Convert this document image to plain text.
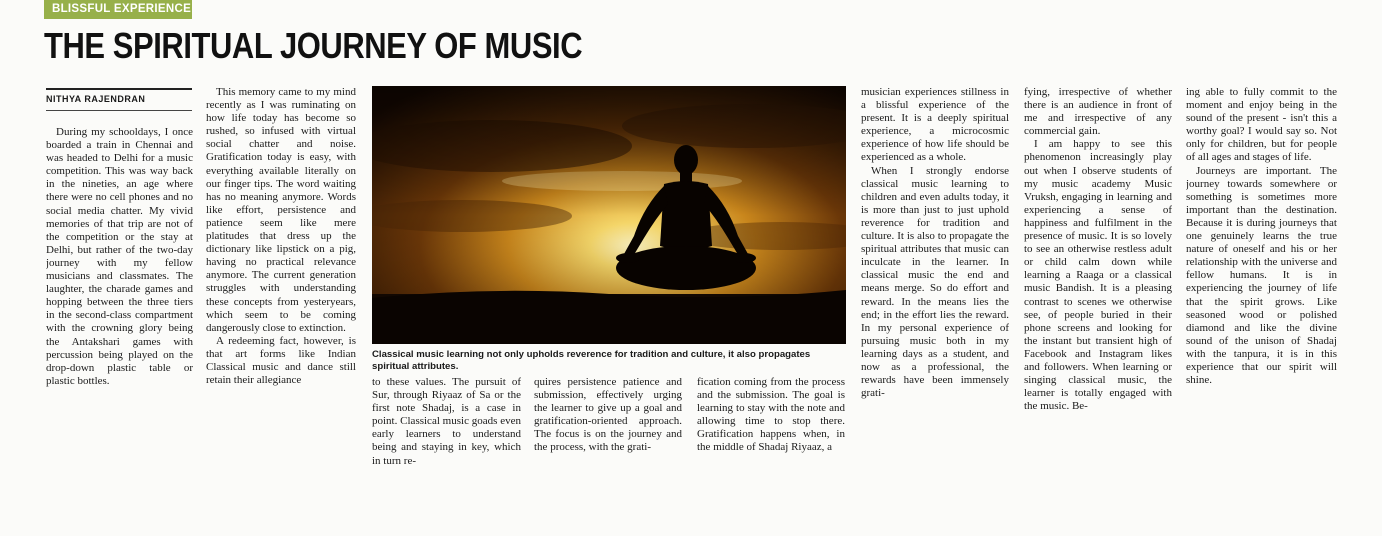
BLISSFUL EXPERIENCE
THE SPIRITUAL JOURNEY OF MUSIC
NITHYA RAJENDRAN

During my schooldays, I once boarded a train in Chennai and was headed to Delhi for a music competition. This was way back in the nineties, an age where there were no cell phones and no social media chatter. My vivid memories of that trip are not of the competition or the stay at Delhi, but rather of the two-day journey with my fellow musicians and classmates. The laughter, the charade games and hopping between the three tiers in the second-class compartment with the crowning glory being the Antakshari games with percussion being played on the drop-down plastic table or plastic bottles.

This memory came to my mind recently as I was ruminating on how life today has become so rushed, so infused with virtual social chatter and noise. Gratification today is easy, with everything available literally on our finger tips. The word waiting has no meaning anymore. Words like effort, persistence and patience seem like mere platitudes that dress up the dictionary like lipstick on a pig, having no practical relevance anymore. The current generation struggles with understanding these concepts from yesteryears, which seem to be coming dangerously close to extinction.

A redeeming fact, however, is that art forms like Indian Classical music and dance still retain their allegiance

Classical music learning not only upholds reverence for tradition and culture, it also propagates spiritual attributes.

to these values. The pursuit of Sur, through Riyaaz of Sa or the first note Shadaj, is a case in point. Classical music goads even early learners to understand being and staying in key, which in turn re-

quires persistence patience and submission, effectively urging the learner to give up a goal and gratification-oriented approach. The focus is on the journey and the process, with the grati-

fication coming from the process and the submission. The goal is learning to stay with the note and allowing time to stop there. Gratification happens when, in the middle of Shadaj Riyaaz, a

musician experiences stillness in a blissful experience of the present. It is a deeply spiritual experience, a microcosmic experience of how life should be experienced as a whole.

When I strongly endorse classical music learning to children and even adults today, it is more than just to just uphold reverence for tradition and culture. It is also to propagate the spiritual attributes that music can inculcate in the learner. In classical music the end and means merge. So do effort and reward. In the means lies the end; in the effort lies the reward. In my personal experience of pursuing music both in my learning days as a student, and now as a professional, the rewards have been immensely grati-

fying, irrespective of whether there is an audience in front of me and irrespective of any commercial gain.

I am happy to see this phenomenon increasingly play out when I observe students of my music academy Music Vruksh, engaging in learning and experiencing a sense of happiness and fulfilment in the presence of music. It is so lovely to see an otherwise restless adult or child calm down while learning a Raaga or a classical music Bandish. It is a pleasing contrast to scenes we otherwise see, of people buried in their phone screens and looking for the instant but transient high of Facebook and Instagram likes and followers. When learning or singing classical music, the learner is totally engaged with the music. Be-

ing able to fully commit to the moment and enjoy being in the sound of the present - isn't this a worthy goal? I would say so. Not only for children, but for people of all ages and stages of life.

Journeys are important. The journey towards somewhere or something is sometimes more important than the destination. Because it is during journeys that one genuinely learns the true nature of oneself and his or her relationship with the universe and fellow humans. It is in experiencing the journey of life that the spirit grows. Like seasoned wood or polished diamond and like the divine sound of the unison of Shadaj with the tanpura, it is in this experience that our spirit will shine.
